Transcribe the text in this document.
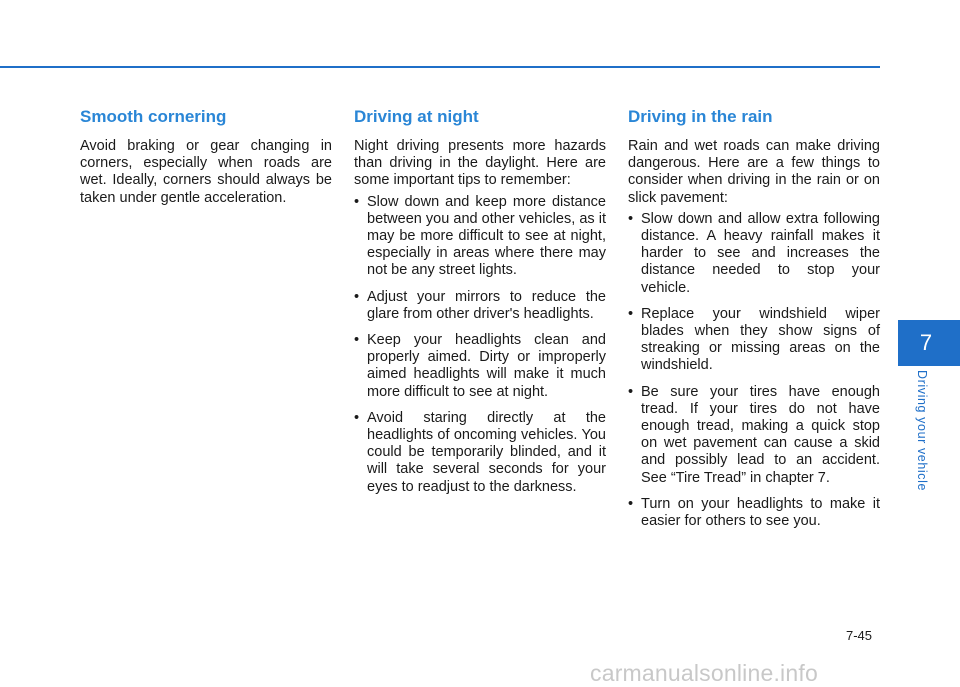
Smooth cornering

Avoid braking or gear changing in corners, especially when roads are wet. Ideally, corners should always be taken under gentle acceleration.

Driving at night

Night driving presents more hazards than driving in the daylight. Here are some important tips to remember:

• Slow down and keep more distance between you and other vehicles, as it may be more difficult to see at night, especially in areas where there may not be any street lights.
• Adjust your mirrors to reduce the glare from other driver's headlights.
• Keep your headlights clean and properly aimed. Dirty or improperly aimed headlights will make it much more difficult to see at night.
• Avoid staring directly at the headlights of oncoming vehicles. You could be temporarily blinded, and it will take several seconds for your eyes to readjust to the darkness.
Driving in the rain

Rain and wet roads can make driving dangerous. Here are a few things to consider when driving in the rain or on slick pavement:

• Slow down and allow extra following distance. A heavy rainfall makes it harder to see and increases the distance needed to stop your vehicle.
• Replace your windshield wiper blades when they show signs of streaking or missing areas on the windshield.
• Be sure your tires have enough tread. If your tires do not have enough tread, making a quick stop on wet pavement can cause a skid and possibly lead to an accident. See “Tire Tread” in chapter 7.
• Turn on your headlights to make it easier for others to see you.
7
Driving your vehicle
7-45
carmanualsonline.info
